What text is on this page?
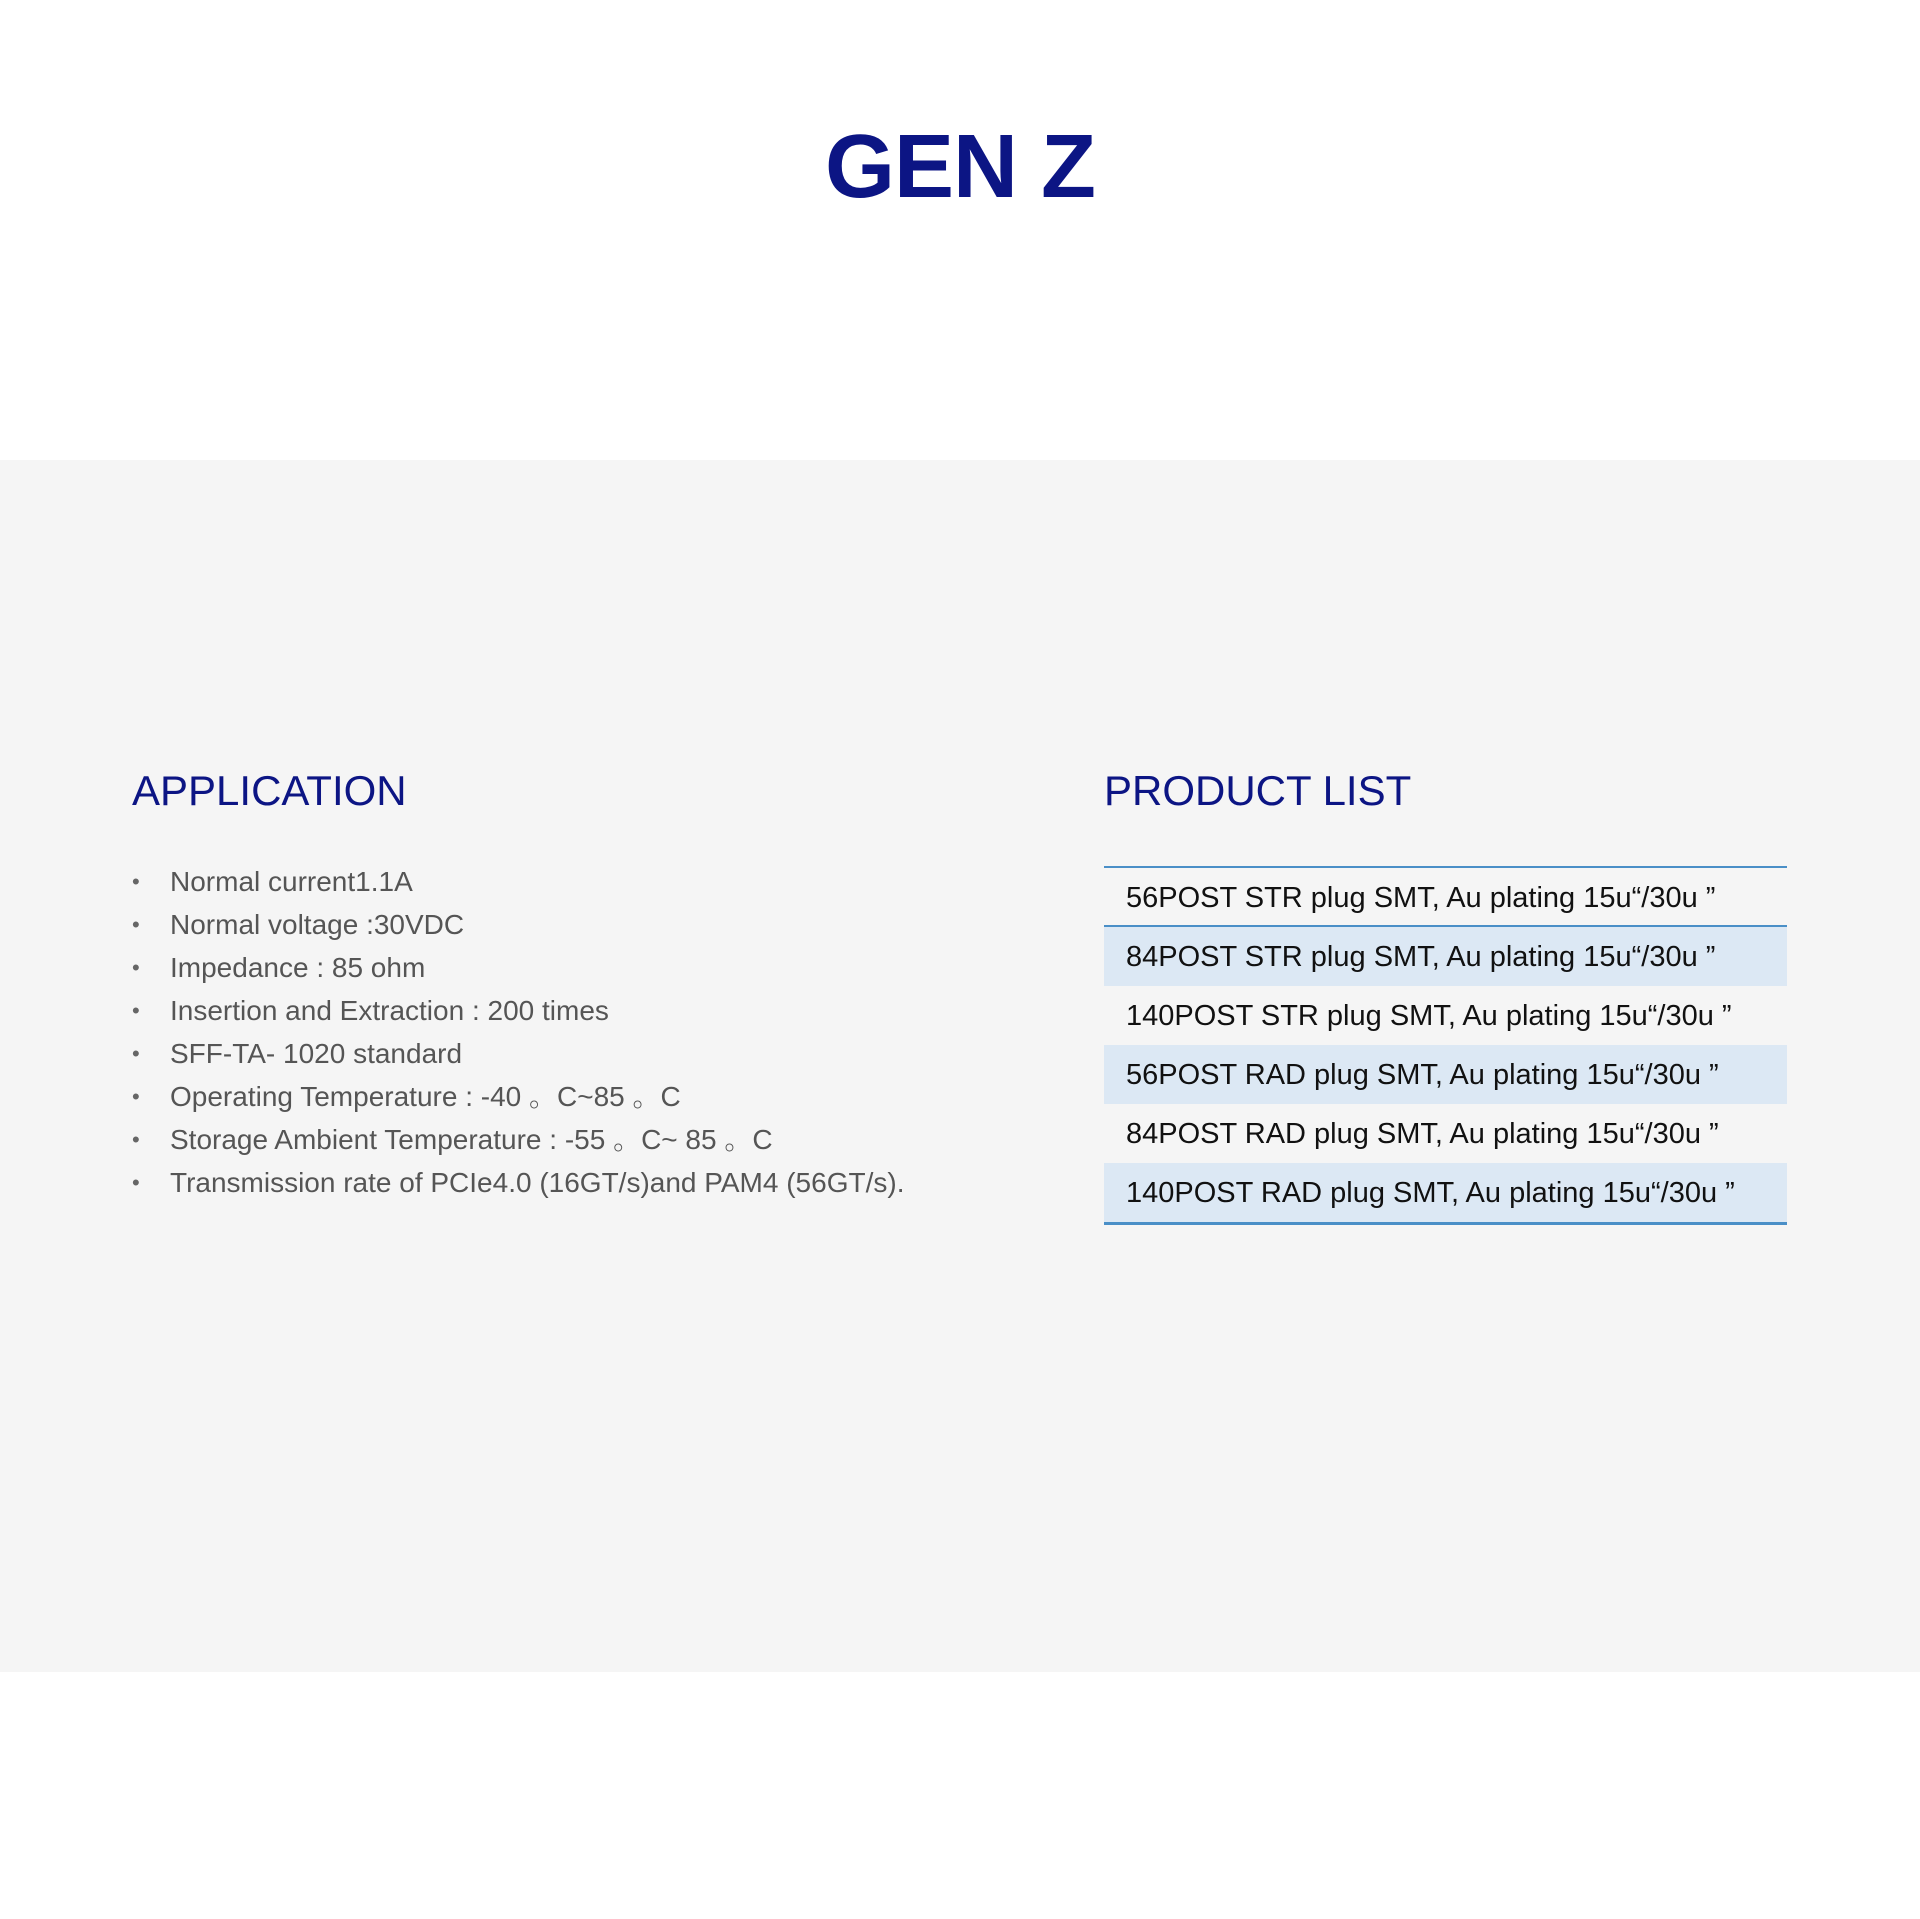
GEN Z
APPLICATION
• Normal current1.1A
• Normal voltage :30VDC
• Impedance : 85 ohm
• Insertion and Extraction : 200 times
• SFF-TA- 1020 standard
• Operating Temperature : -40 。C~85 。C
• Storage Ambient Temperature : -55 。C~ 85 。C
• Transmission rate of PCIe4.0 (16GT/s)and PAM4 (56GT/s).
PRODUCT LIST
56POST STR plug SMT, Au plating 15u“/30u ”
84POST STR plug SMT, Au plating 15u“/30u ”
140POST STR plug SMT, Au plating 15u“/30u ”
56POST RAD plug SMT, Au plating 15u“/30u ”
84POST RAD plug SMT, Au plating 15u“/30u ”
140POST RAD plug SMT, Au plating 15u“/30u ”
